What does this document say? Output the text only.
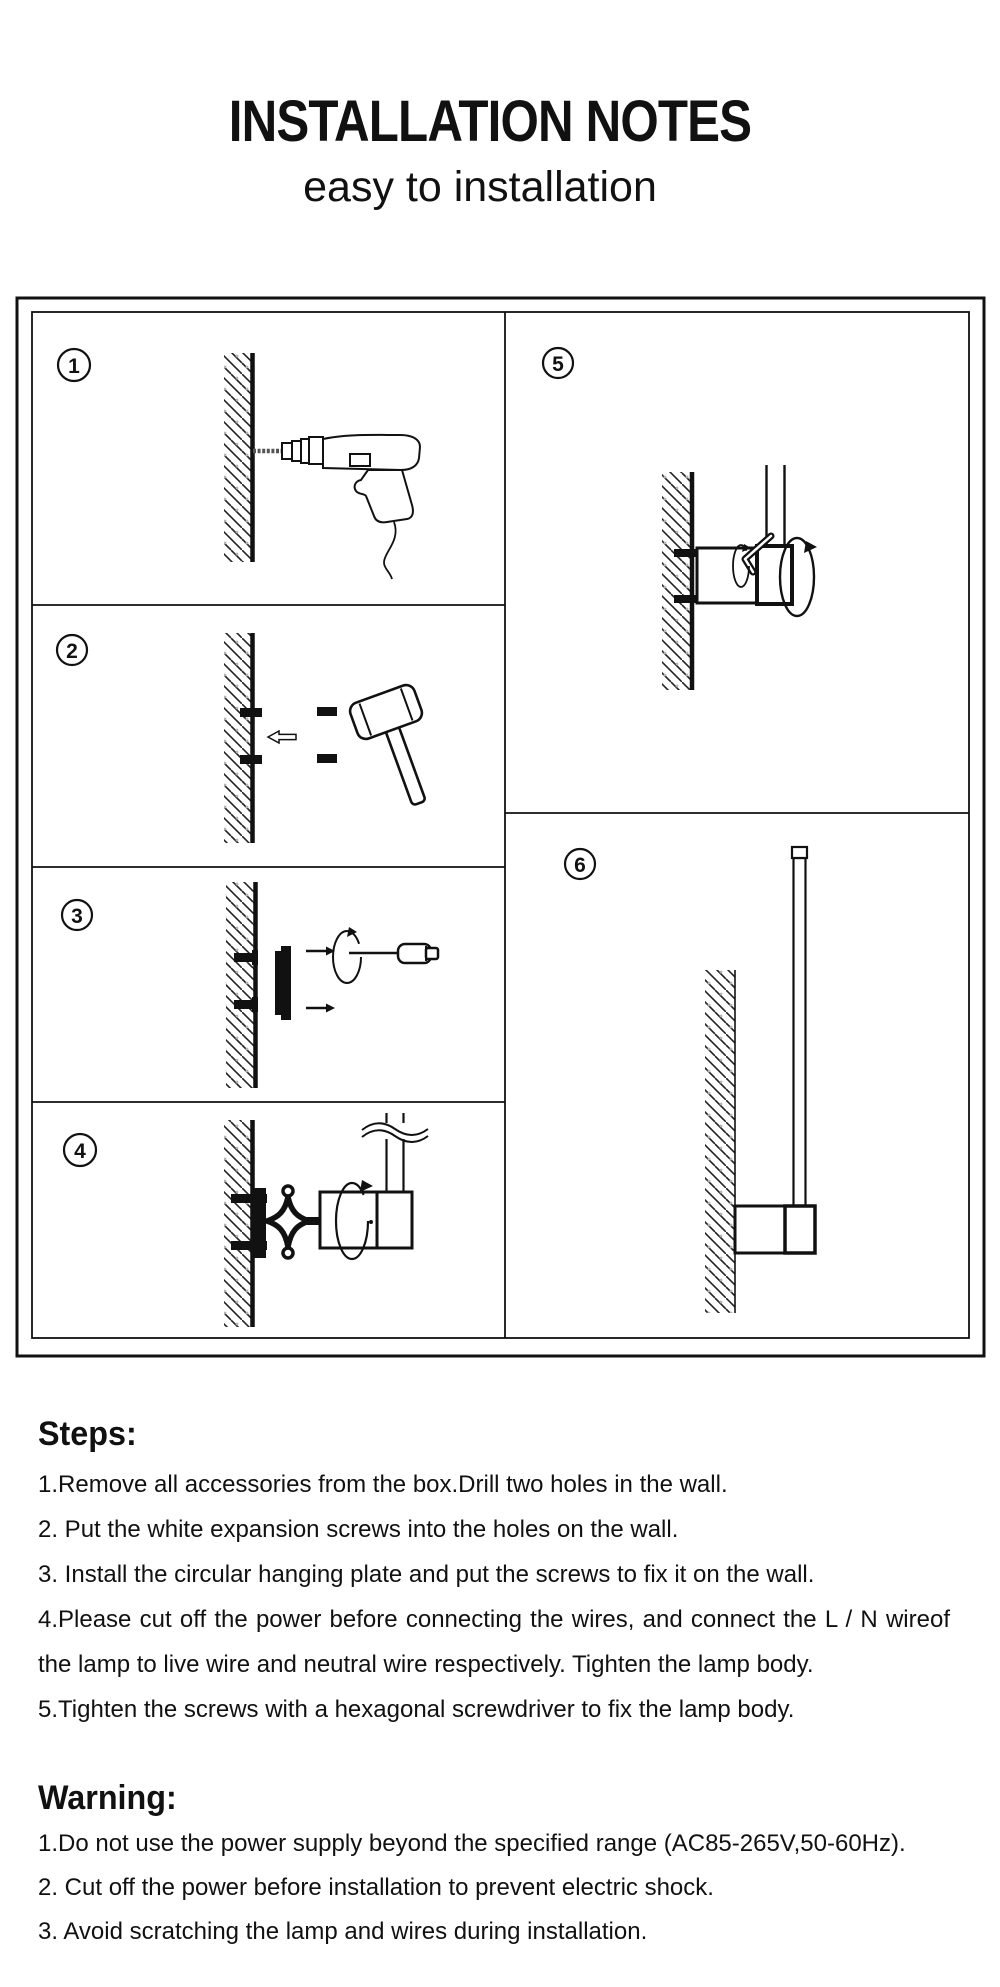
INSTALLATION NOTES
easy to installation
1
2
3
4
5
6
Steps:

1.Remove all accessories from the box.Drill two holes in the wall.

2. Put the white expansion screws into the holes on the wall.

3. Install the circular hanging plate and put the screws to fix it on the wall.

4.Please cut off the power before connecting the wires, and connect the L / N wireof the lamp to live wire and neutral wire respectively. Tighten the lamp body.

5.Tighten the screws with a hexagonal screwdriver to fix the lamp body.

Warning:

1.Do not use the power supply beyond the specified range (AC85-265V,50-60Hz).

2. Cut off the power before installation to prevent electric shock.

3. Avoid scratching the lamp and wires during installation.
